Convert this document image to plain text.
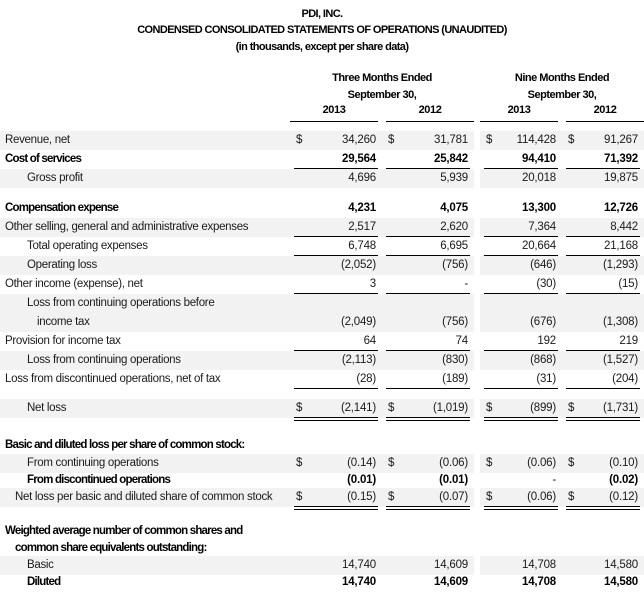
PDI, INC.
CONDENSED CONSOLIDATED STATEMENTS OF OPERATIONS (UNAUDITED)
(in thousands, except per share data)
Three Months Ended
September 30,
Nine Months Ended
September 30,
2013	2012	2013	2012
Revenue, net	$	34,260 $	31,781 $ 114,428 $	91,267
Cost of services	29,564	25,842	94,410	71,392
Gross profit	4,696	5,939	20,018	19,875
Compensation expense	4,231	4,075	13,300	12,726
Other selling, general and administrative expenses	2,517	2,620	7,364	8,442
Total operating expenses	6,748	6,695	20,664	21,168
Operating loss	(2,052)	(756)	(646)	(1,293)
Other income (expense), net	3	-	(30)	(15)
Loss from continuing operations before
income tax	(2,049)	(756)	(676)	(1,308)
Provision for income tax	64	74	192	219
Loss from continuing operations	(2,113)	(830)	(868)	(1,527)
Loss from discontinued operations, net of tax	(28)	(189)	(31)	(204)
Net loss	$	(2,141) $	(1,019) $	(899) $ (1,731)
Basic and diluted loss per share of common stock:
From continuing operations	$	(0.14) $	(0.06) $	(0.06) $	(0.10)
From discontinued operations	(0.01)	(0.01)	-	(0.02)
Net loss per basic and diluted share of common stock	$	(0.15) $	(0.07) $	(0.06) $	(0.12)
Weighted average number of common shares and
common share equivalents outstanding:
Basic	14,740	14,609	14,708	14,580
Diluted	14,740	14,609	14,708	14,580
